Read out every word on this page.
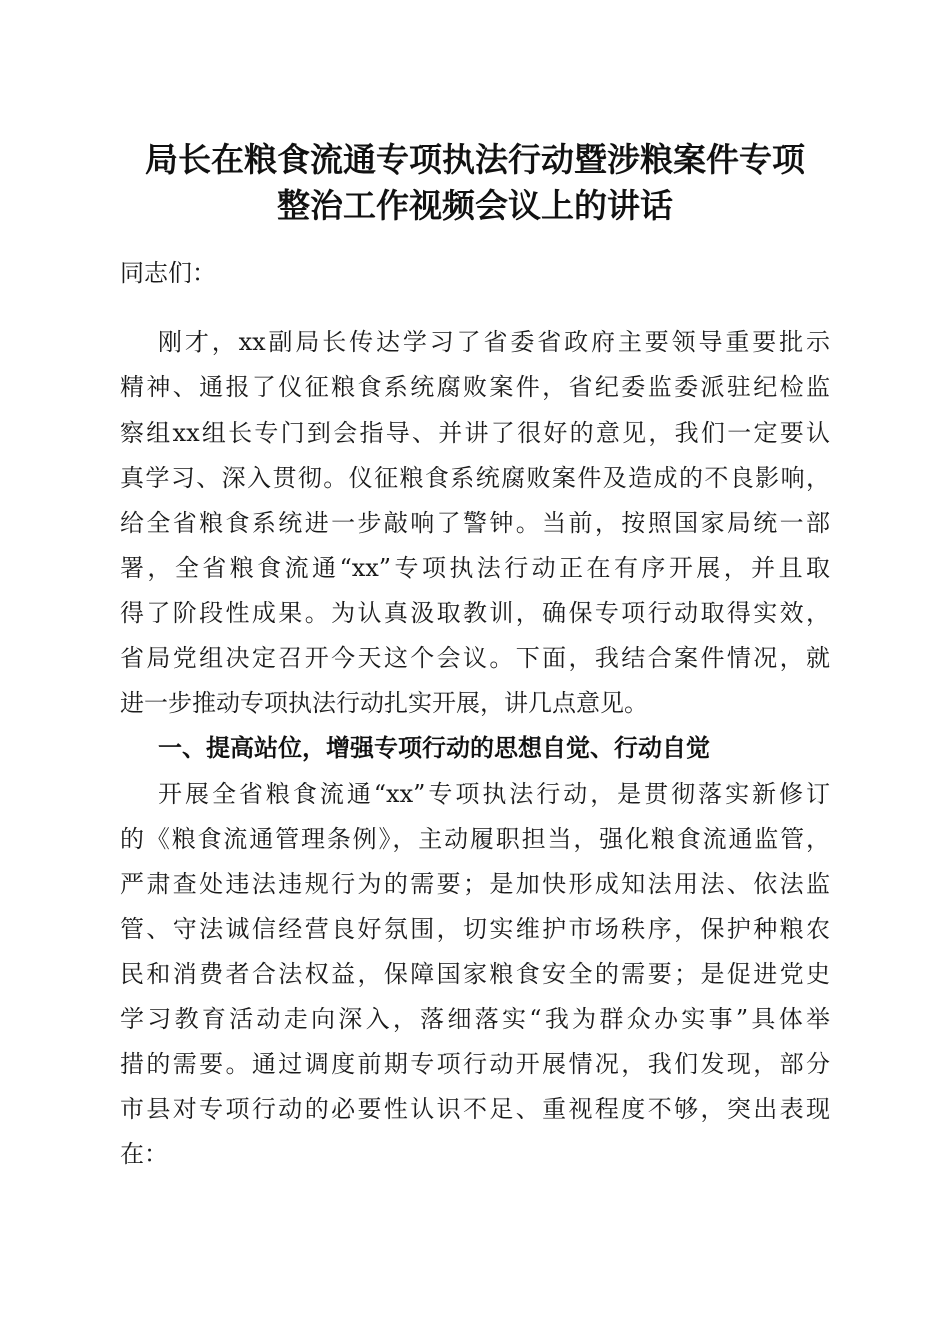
局长在粮食流通专项执法行动暨涉粮案件专项
整治工作视频会议上的讲话
同志们：
刚才，xx副局长传达学习了省委省政府主要领导重要批示
精神、通报了仪征粮食系统腐败案件，省纪委监委派驻纪检监
察组xx组长专门到会指导、并讲了很好的意见，我们一定要认
真学习、深入贯彻。仪征粮食系统腐败案件及造成的不良影响，
给全省粮食系统进一步敲响了警钟。当前，按照国家局统一部
署，全省粮食流通“xx”专项执法行动正在有序开展，并且取
得了阶段性成果。为认真汲取教训，确保专项行动取得实效，
省局党组决定召开今天这个会议。下面，我结合案件情况，就
进一步推动专项执法行动扎实开展，讲几点意见。
一、提高站位，增强专项行动的思想自觉、行动自觉
开展全省粮食流通“xx”专项执法行动，是贯彻落实新修订
的《粮食流通管理条例》，主动履职担当，强化粮食流通监管，
严肃查处违法违规行为的需要；是加快形成知法用法、依法监
管、守法诚信经营良好氛围，切实维护市场秩序，保护种粮农
民和消费者合法权益，保障国家粮食安全的需要；是促进党史
学习教育活动走向深入，落细落实“我为群众办实事”具体举
措的需要。通过调度前期专项行动开展情况，我们发现，部分
市县对专项行动的必要性认识不足、重视程度不够，突出表现
在：
